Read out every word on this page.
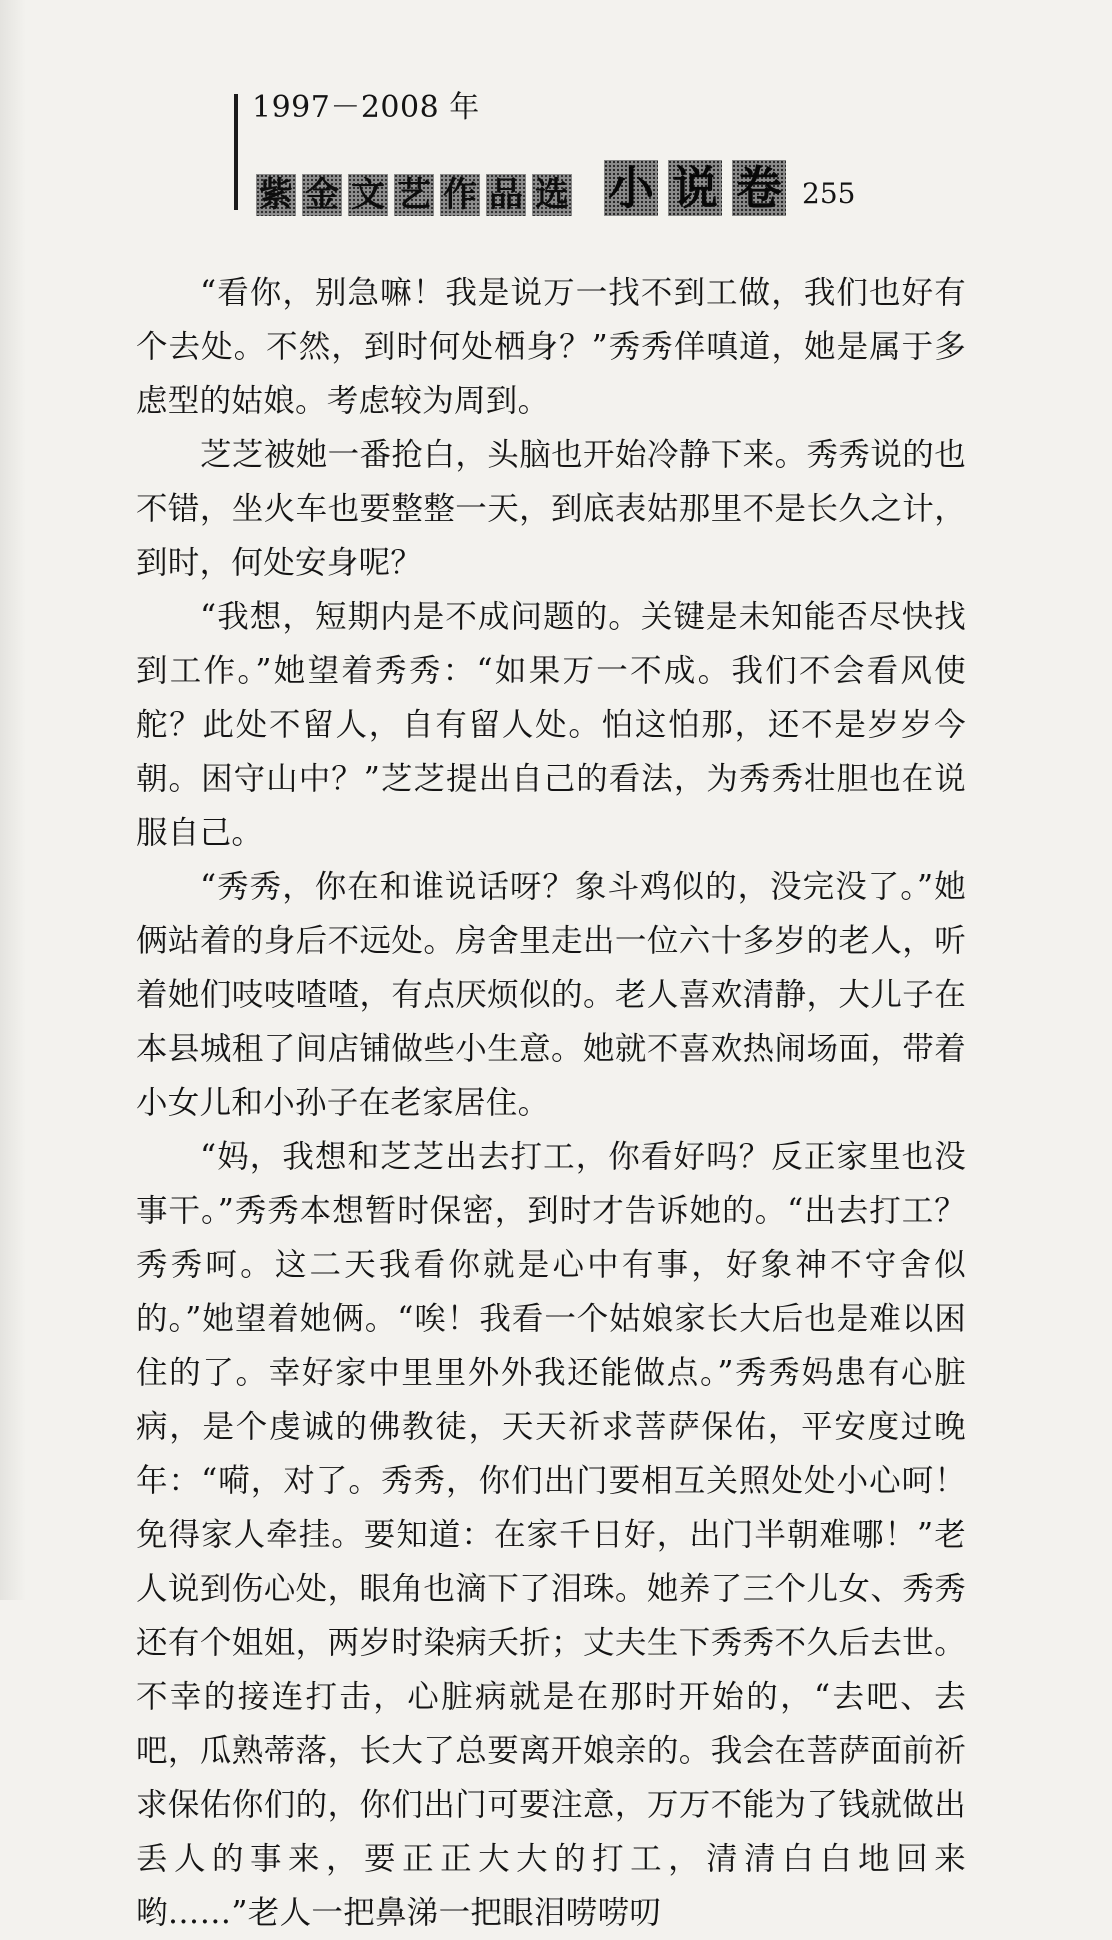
1997－2008 年
紫 金 文 艺 作 品 选 小 说 卷 255

“看你，别急嘛！我是说万一找不到工做，我们也好有个去处。不然，到时何处栖身？”秀秀佯嗔道，她是属于多虑型的姑娘。考虑较为周到。

芝芝被她一番抢白，头脑也开始冷静下来。秀秀说的也不错，坐火车也要整整一天，到底表姑那里不是长久之计，到时，何处安身呢？

“我想，短期内是不成问题的。关键是未知能否尽快找到工作。”她望着秀秀：“如果万一不成。我们不会看风使舵？此处不留人，自有留人处。怕这怕那，还不是岁岁今朝。困守山中？”芝芝提出自己的看法，为秀秀壮胆也在说服自己。

“秀秀，你在和谁说话呀？象斗鸡似的，没完没了。”她俩站着的身后不远处。房舍里走出一位六十多岁的老人，听着她们吱吱喳喳，有点厌烦似的。老人喜欢清静，大儿子在本县城租了间店铺做些小生意。她就不喜欢热闹场面，带着小女儿和小孙子在老家居住。

“妈，我想和芝芝出去打工，你看好吗？反正家里也没事干。”秀秀本想暂时保密，到时才告诉她的。“出去打工？秀秀呵。这二天我看你就是心中有事，好象神不守舍似的。”她望着她俩。“唉！我看一个姑娘家长大后也是难以困住的了。幸好家中里里外外我还能做点。”秀秀妈患有心脏病，是个虔诚的佛教徒，天天祈求菩萨保佑，平安度过晚年：“嗬，对了。秀秀，你们出门要相互关照处处小心呵！免得家人牵挂。要知道：在家千日好，出门半朝难哪！”老人说到伤心处，眼角也滴下了泪珠。她养了三个儿女、秀秀还有个姐姐，两岁时染病夭折；丈夫生下秀秀不久后去世。不幸的接连打击，心脏病就是在那时开始的，“去吧、去吧，瓜熟蒂落，长大了总要离开娘亲的。我会在菩萨面前祈求保佑你们的，你们出门可要注意，万万不能为了钱就做出丢人的事来，要正正大大的打工，清清白白地回来哟……”老人一把鼻涕一把眼泪唠唠叨
